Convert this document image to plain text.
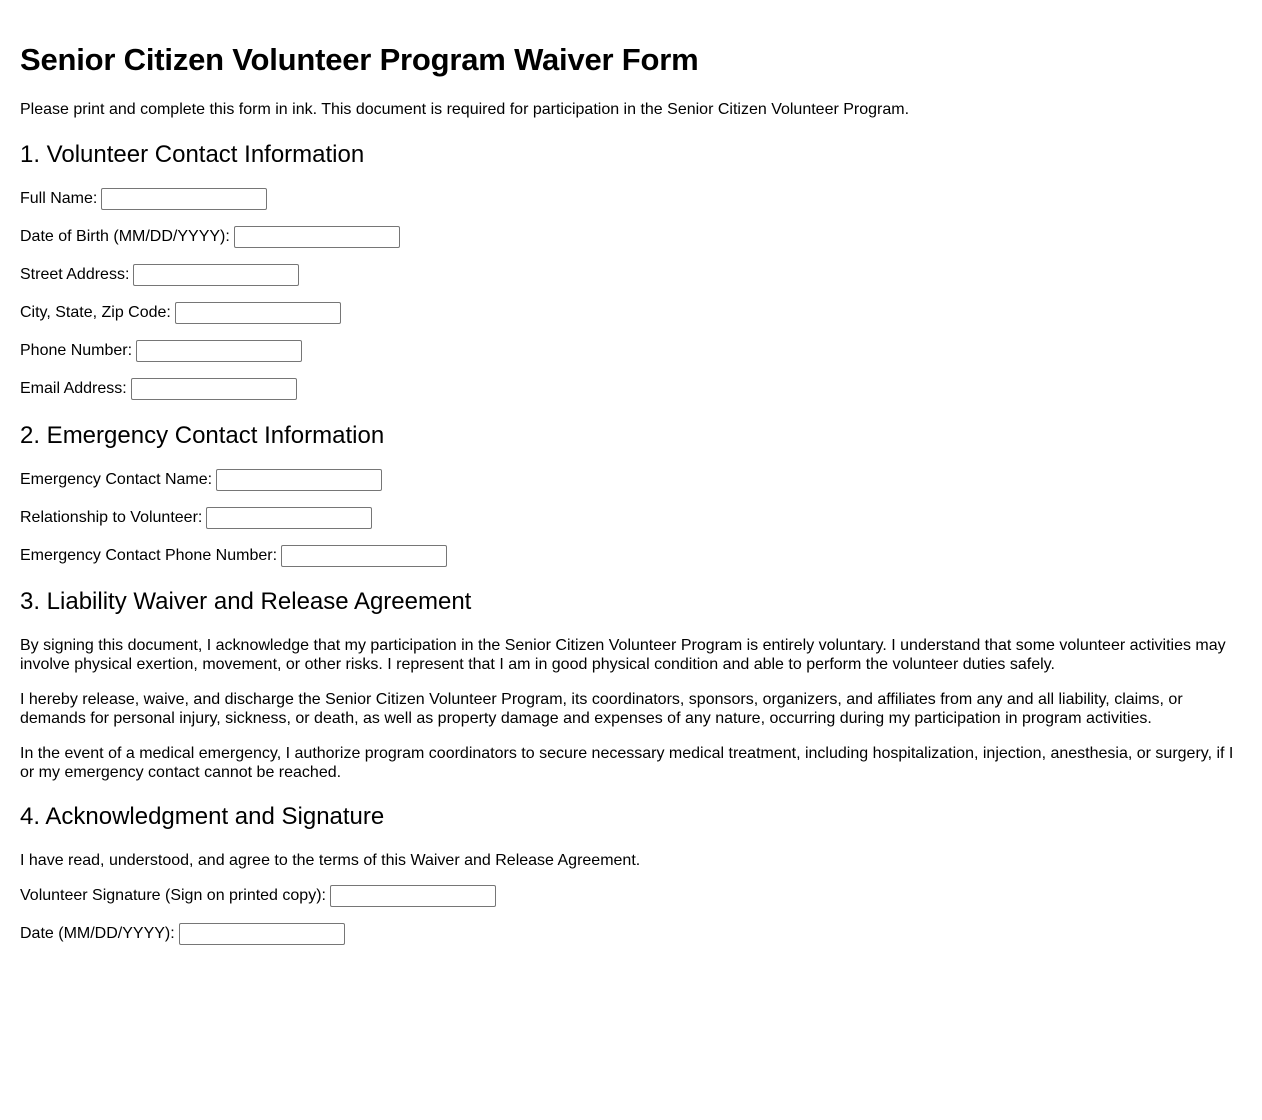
Senior Citizen Volunteer Program Waiver Form
Please print and complete this form in ink. This document is required for participation in the Senior Citizen Volunteer Program.
1. Volunteer Contact Information
Full Name:
Date of Birth (MM/DD/YYYY):
Street Address:
City, State, Zip Code:
Phone Number:
Email Address:
2. Emergency Contact Information
Emergency Contact Name:
Relationship to Volunteer:
Emergency Contact Phone Number:
3. Liability Waiver and Release Agreement
By signing this document, I acknowledge that my participation in the Senior Citizen Volunteer Program is entirely voluntary. I understand that some volunteer activities may involve physical exertion, movement, or other risks. I represent that I am in good physical condition and able to perform the volunteer duties safely.
I hereby release, waive, and discharge the Senior Citizen Volunteer Program, its coordinators, sponsors, organizers, and affiliates from any and all liability, claims, or demands for personal injury, sickness, or death, as well as property damage and expenses of any nature, occurring during my participation in program activities.
In the event of a medical emergency, I authorize program coordinators to secure necessary medical treatment, including hospitalization, injection, anesthesia, or surgery, if I or my emergency contact cannot be reached.
4. Acknowledgment and Signature
I have read, understood, and agree to the terms of this Waiver and Release Agreement.
Volunteer Signature (Sign on printed copy):
Date (MM/DD/YYYY):
